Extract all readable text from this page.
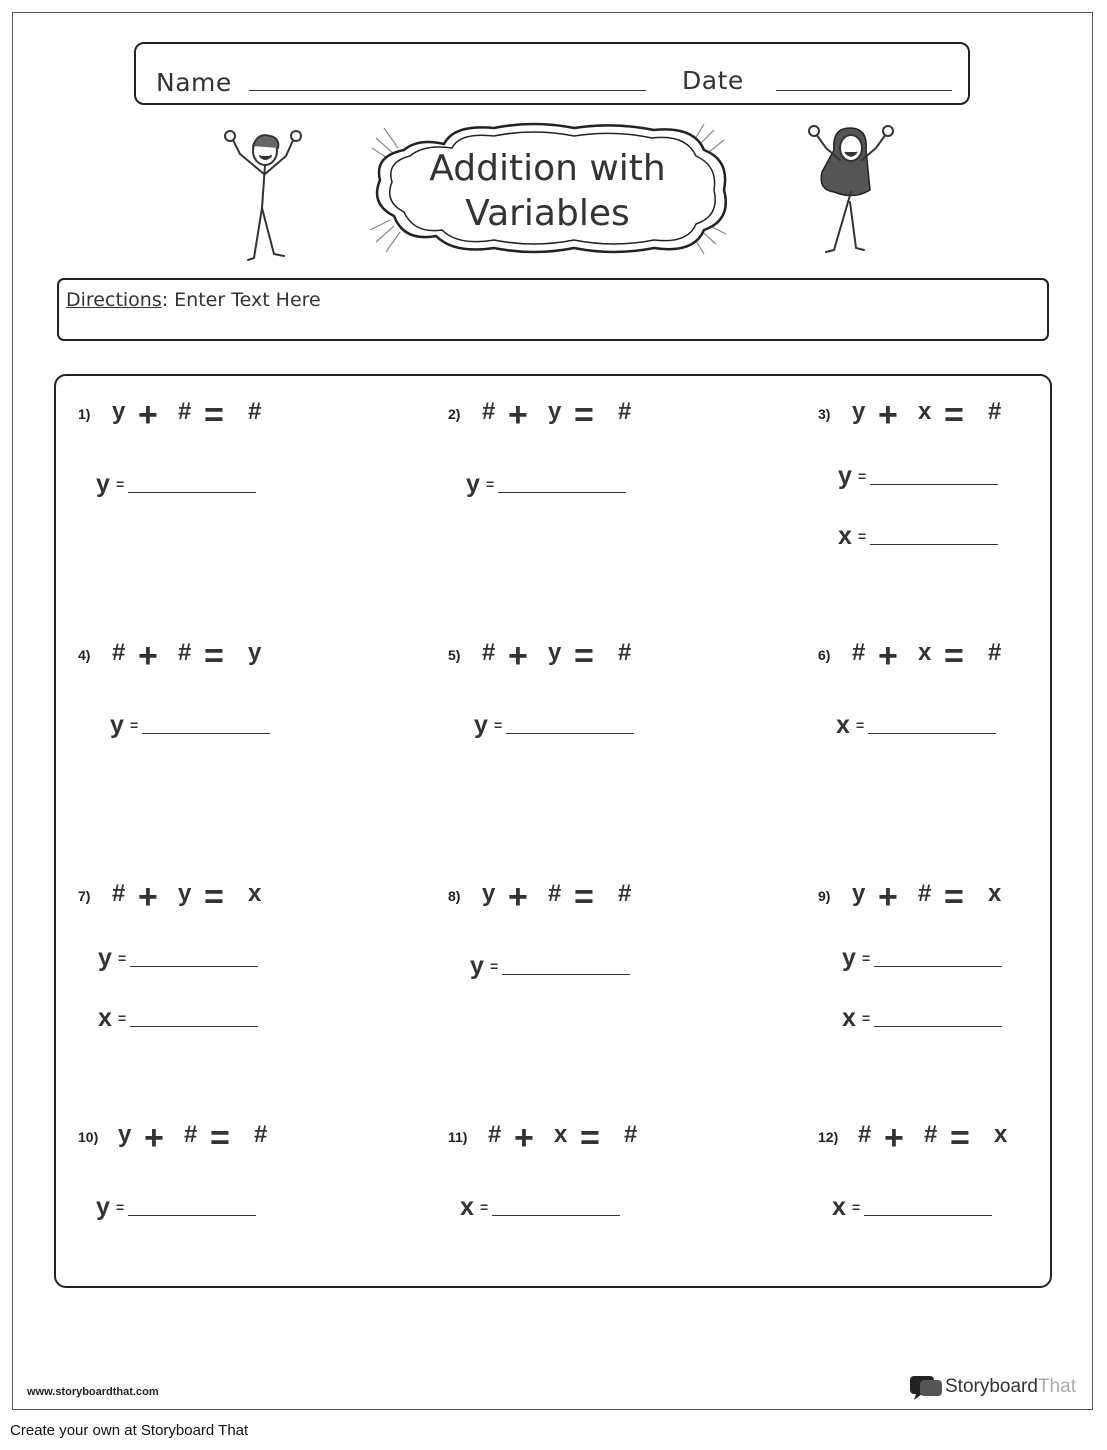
Name	Date
Addition with
Variables
Directions: Enter Text Here
1) y + # = #
y =
2) # + y = #
y =
3) y + x = #
y =
x =
4) # + # = y
y =
5) # + y = #
y =
6) # + x = #
x =
7) # + y = x
y =
x =
8) y + # = #
y =
9) y + # = x
y =
x =
10) y + # = #
y =
11) # + x = #
x =
12) # + # = x
x =
www.storyboardthat.com	StoryboardThat
Create your own at Storyboard That
